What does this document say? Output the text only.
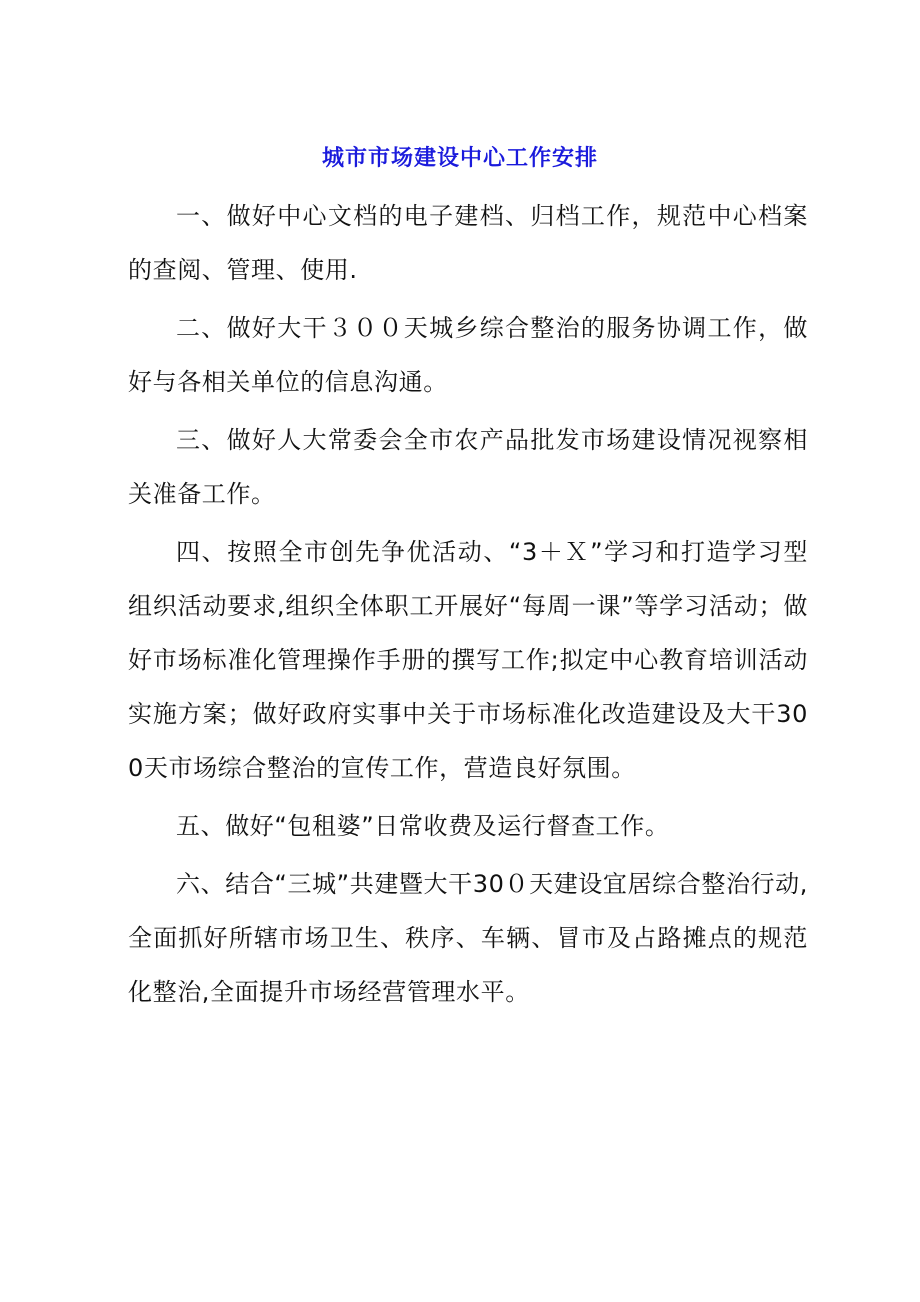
城市市场建设中心工作安排

一、做好中心文档的电子建档、归档工作，规范中心档案的查阅、管理、使用.

二、做好大干３００天城乡综合整治的服务协调工作，做好与各相关单位的信息沟通。

三、做好人大常委会全市农产品批发市场建设情况视察相关准备工作。

四、按照全市创先争优活动、“3＋Ｘ”学习和打造学习型组织活动要求,组织全体职工开展好“每周一课”等学习活动；做好市场标准化管理操作手册的撰写工作;拟定中心教育培训活动实施方案；做好政府实事中关于市场标准化改造建设及大干300天市场综合整治的宣传工作，营造良好氛围。

五、做好“包租婆”日常收费及运行督查工作。

六、结合“三城”共建暨大干30０天建设宜居综合整治行动,全面抓好所辖市场卫生、秩序、车辆、冒市及占路摊点的规范化整治,全面提升市场经营管理水平。
